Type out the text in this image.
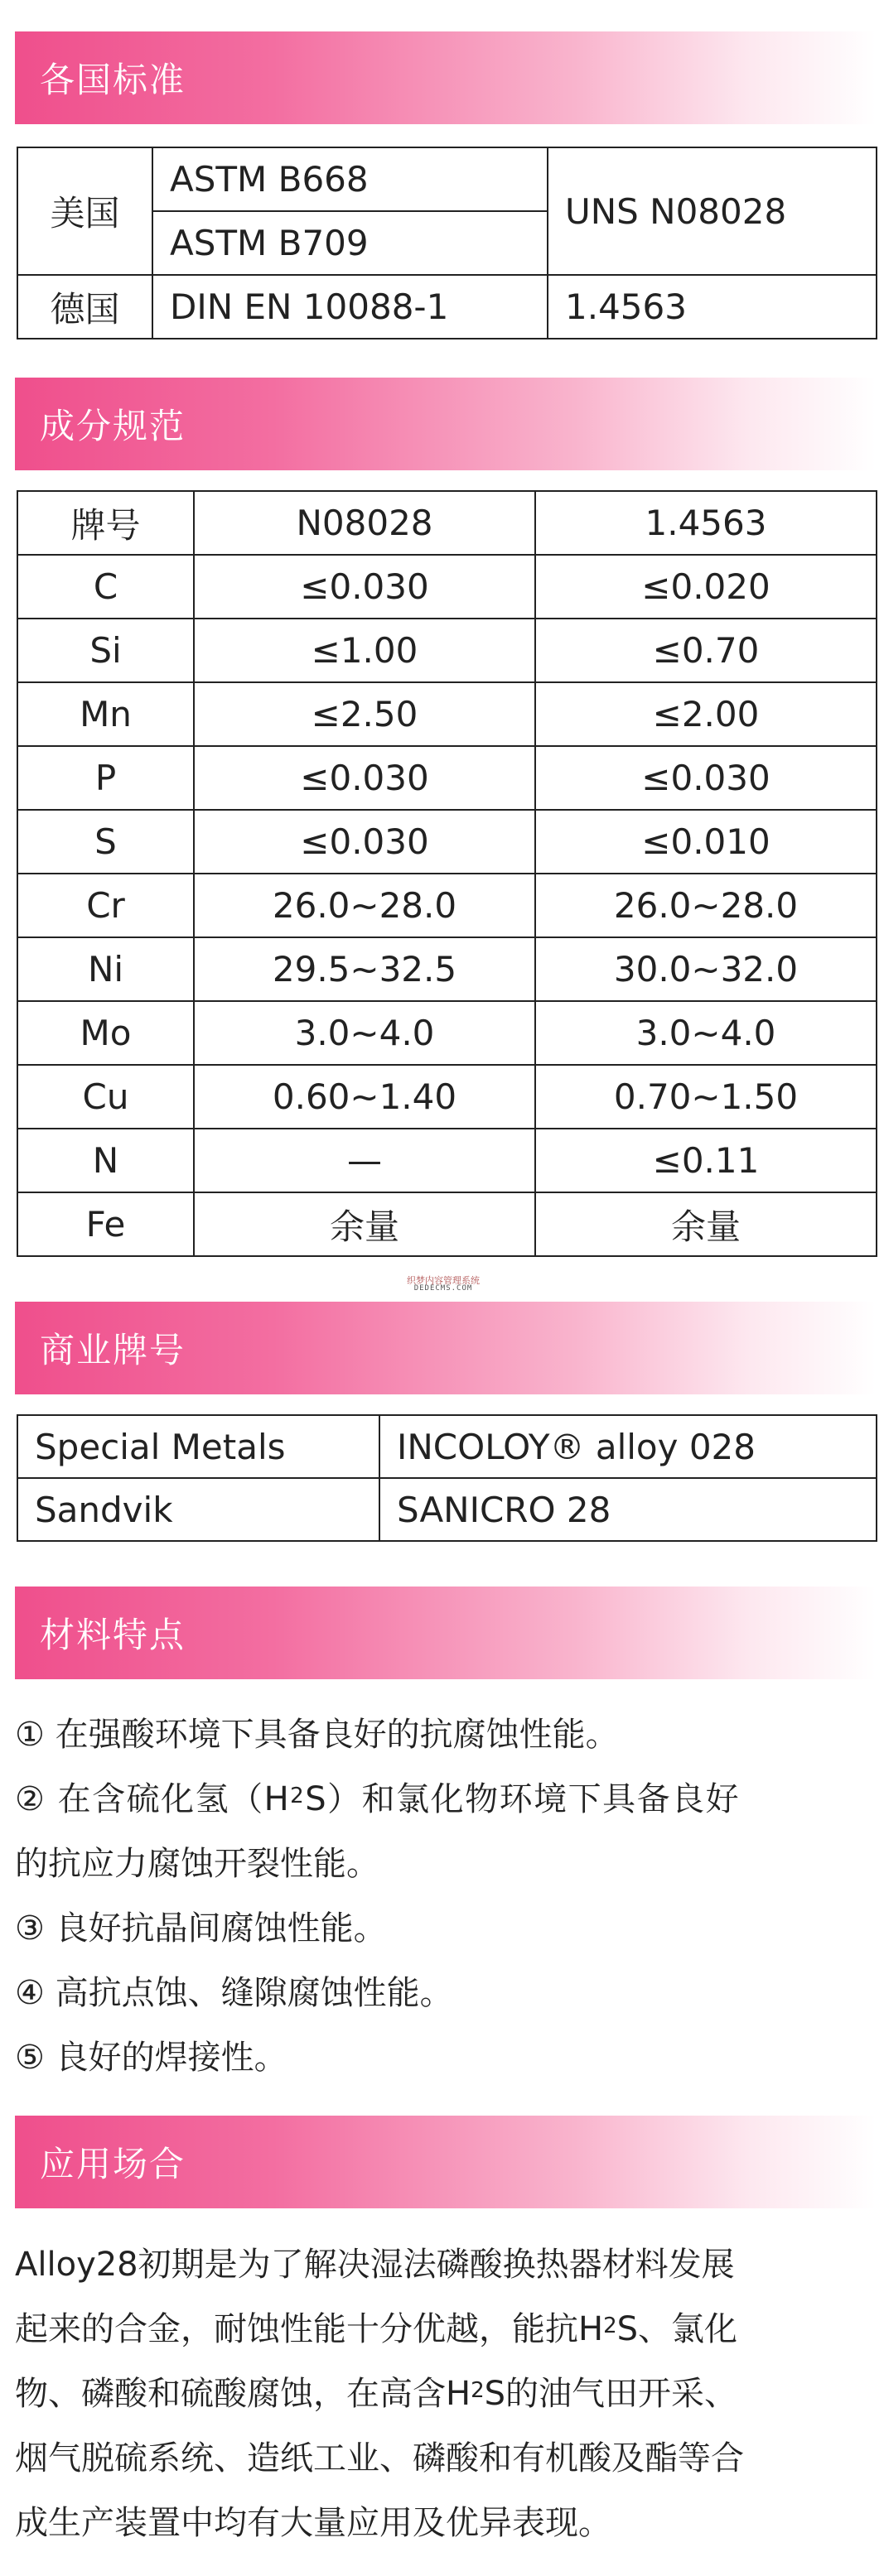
各国标准
美国	ASTM B668	UNS N08028
	ASTM B709	
德国	DIN EN 10088-1	1.4563
成分规范
牌号	N08028	1.4563
C	≤0.030	≤0.020
Si	≤1.00	≤0.70
Mn	≤2.50	≤2.00
P	≤0.030	≤0.030
S	≤0.030	≤0.010
Cr	26.0~28.0	26.0~28.0
Ni	29.5~32.5	30.0~32.0
Mo	3.0~4.0	3.0~4.0
Cu	0.60~1.40	0.70~1.50
N	—	≤0.11
Fe	余量	余量
织梦内容管理系统
DEDECMS.COM
商业牌号
Special Metals	INCOLOY® alloy 028
Sandvik	SANICRO 28
材料特点
① 在强酸环境下具备良好的抗腐蚀性能。
② 在含硫化氢（H 2 S）和氯化物环境下具备良好
的抗应力腐蚀开裂性能。
③ 良好抗晶间腐蚀性能。
④ 高抗点蚀、缝隙腐蚀性能。
⑤ 良好的焊接性。
应用场合
Alloy28初期是为了解决湿法磷酸换热器材料发展
起来的合金，耐蚀性能十分优越，能抗H 2 S、氯化
物、磷酸和硫酸腐蚀，在高含H 2 S的油气田开采、
烟气脱硫系统、造纸工业、磷酸和有机酸及酯等合
成生产装置中均有大量应用及优异表现。
